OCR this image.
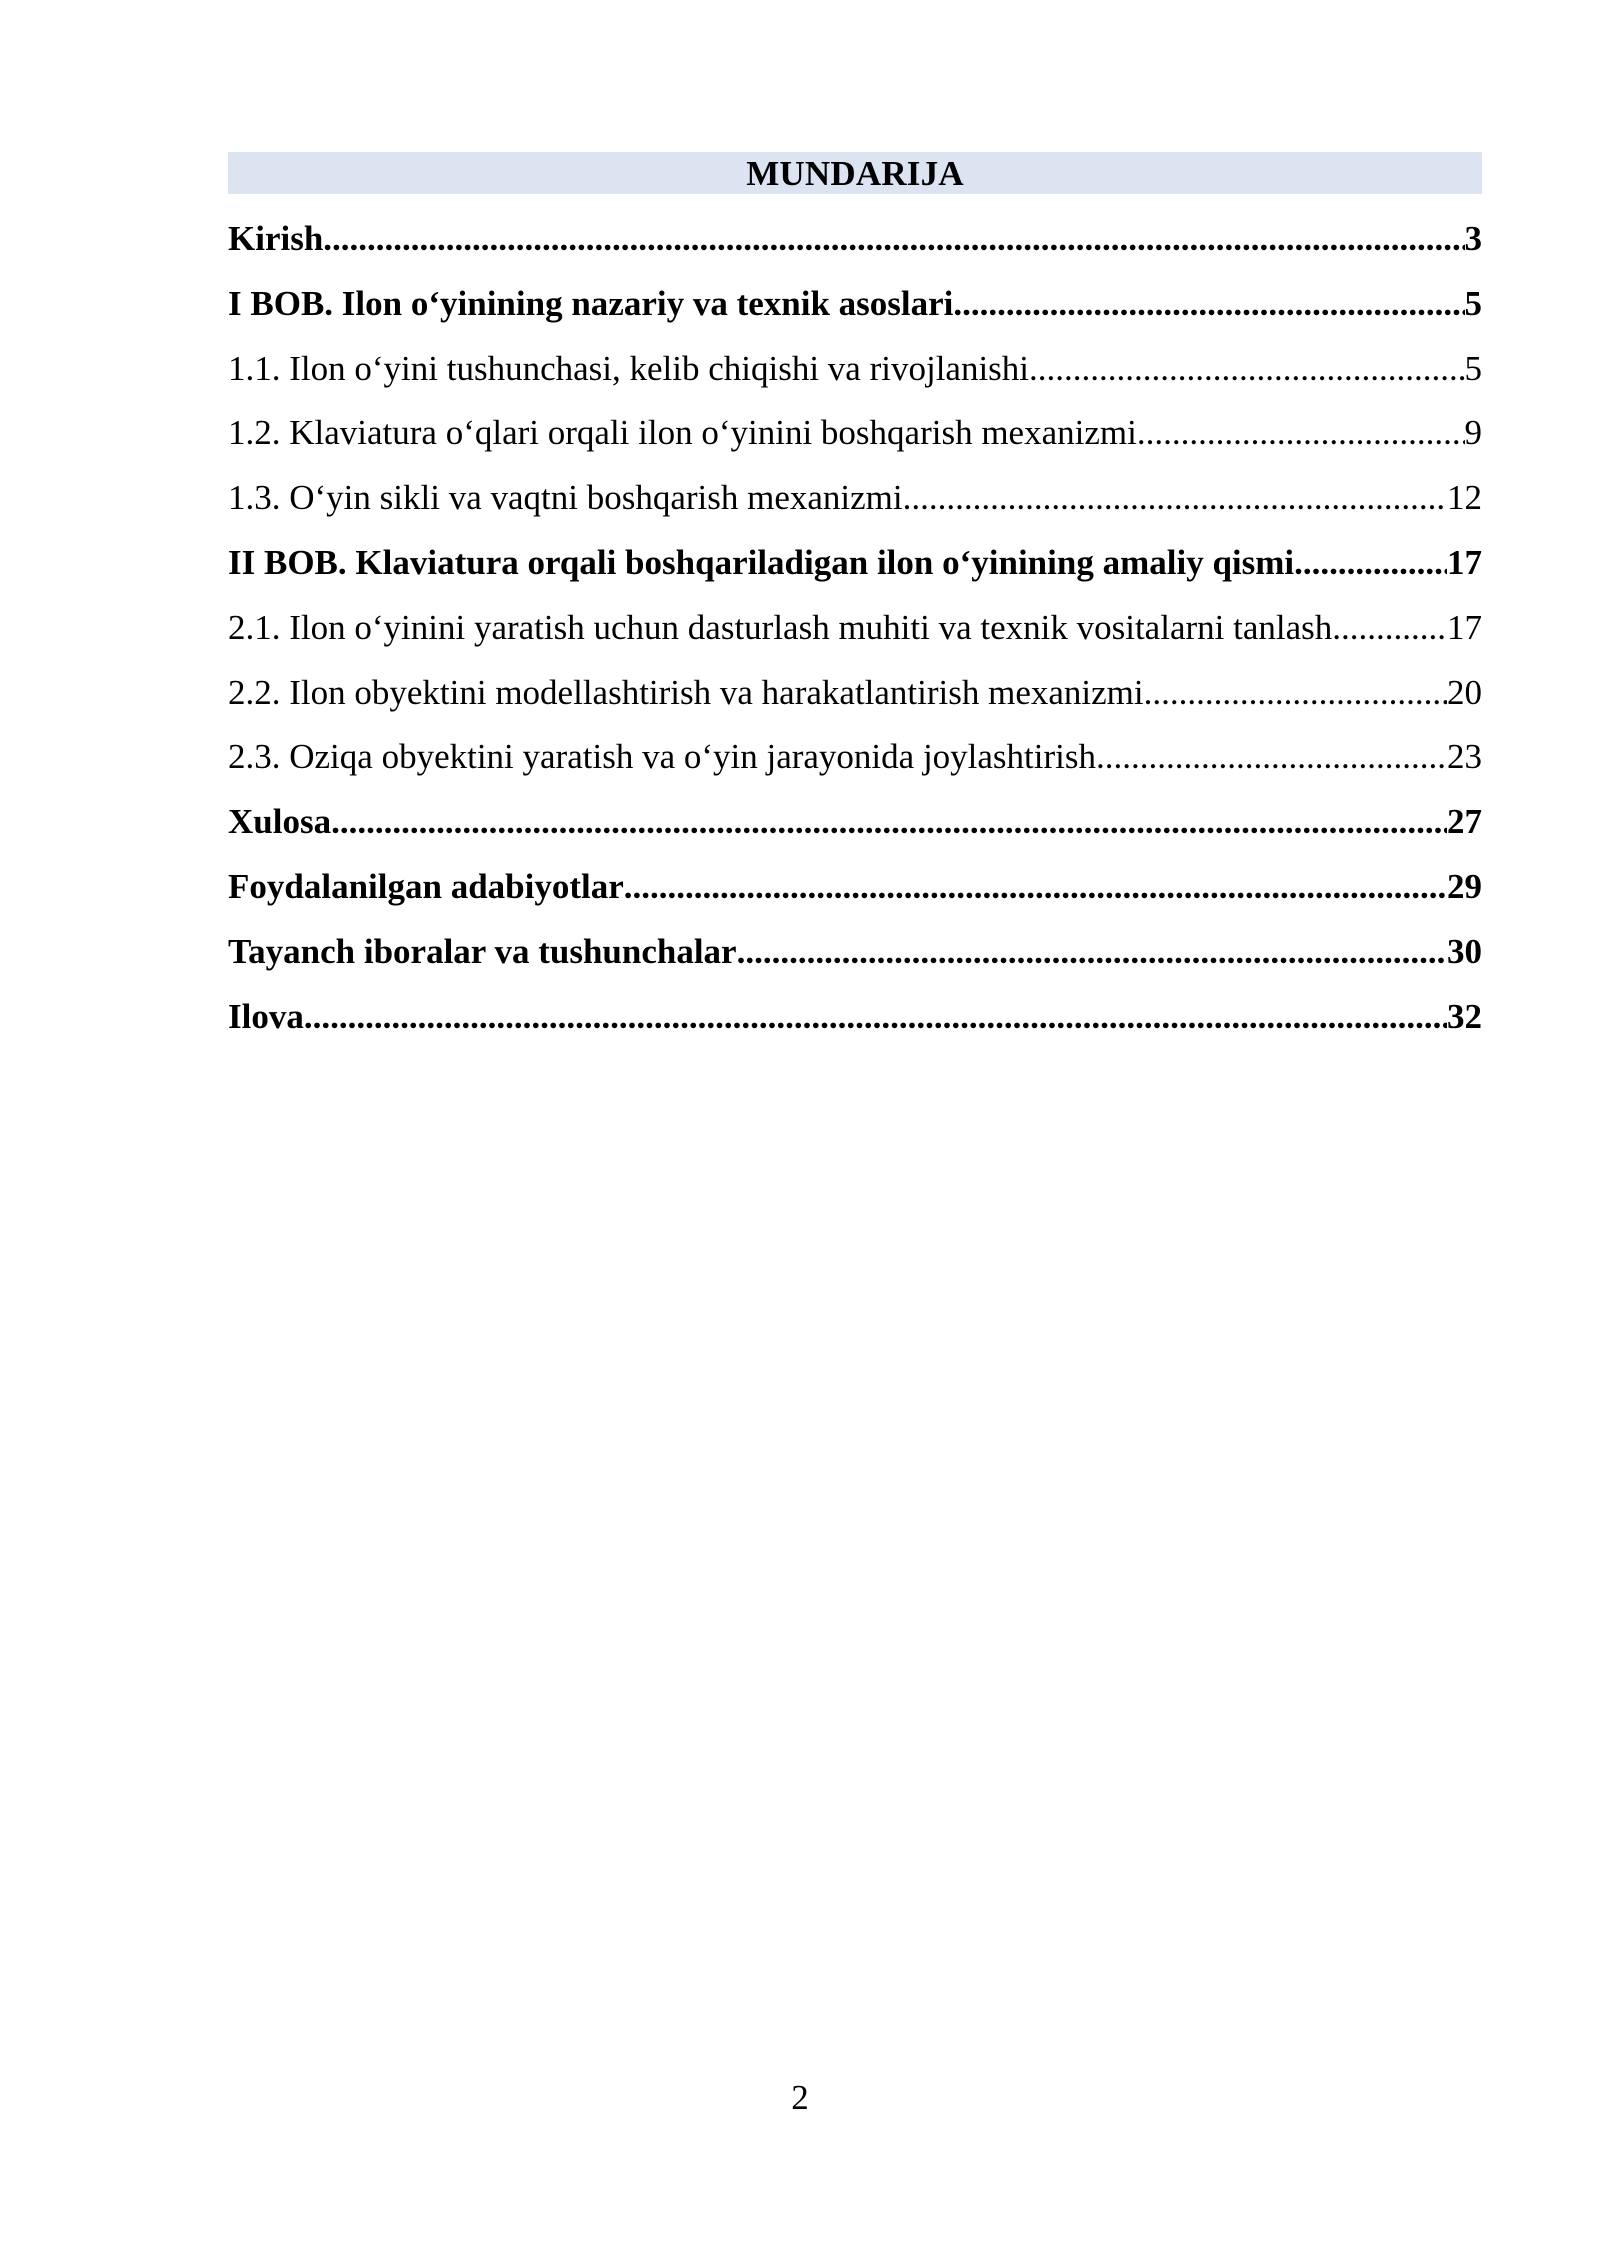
MUNDARIJA
Kirish .....	3
I BOB. Ilon o‘yinining nazariy va texnik asoslari .....	5
1.1. Ilon o‘yini tushunchasi, kelib chiqishi va rivojlanishi .....	5
1.2. Klaviatura o‘qlari orqali ilon o‘yinini boshqarish mexanizmi .....	9
1.3. O‘yin sikli va vaqtni boshqarish mexanizmi .....	12
II BOB. Klaviatura orqali boshqariladigan ilon o‘yinining amaliy qismi .....	17
2.1. Ilon o‘yinini yaratish uchun dasturlash muhiti va texnik vositalarni tanlash .....	17
2.2. Ilon obyektini modellashtirish va harakatlantirish mexanizmi .....	20
2.3. Oziqa obyektini yaratish va o‘yin jarayonida joylashtirish .....	23
Xulosa .....	27
Foydalanilgan adabiyotlar .....	29
Tayanch iboralar va tushunchalar .....	30
Ilova .....	32
2
